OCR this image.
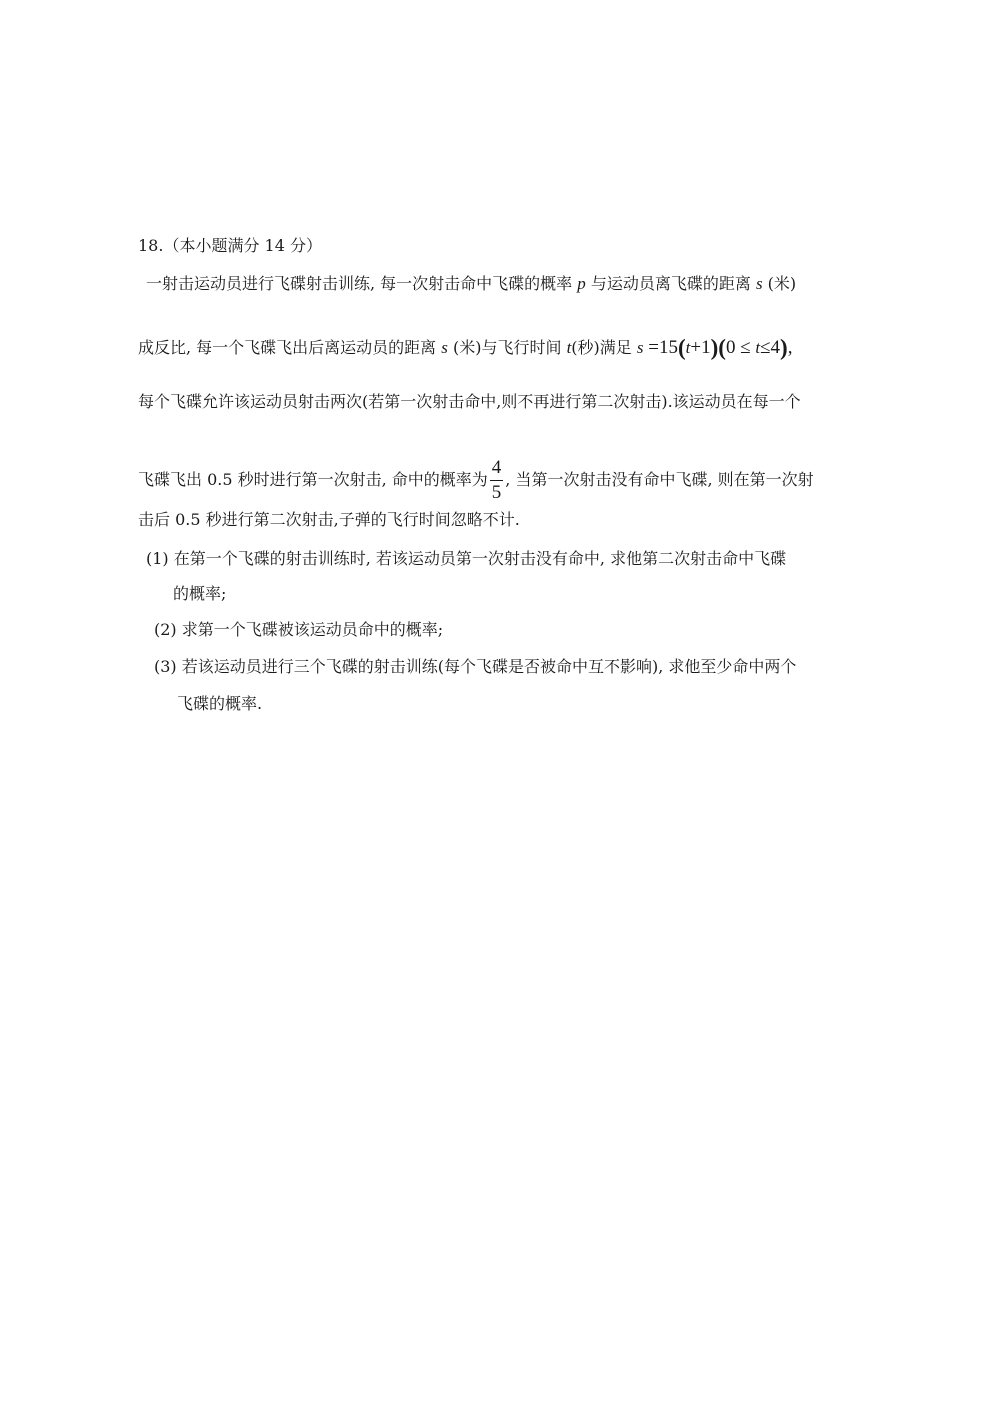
18.（本小题满分 14 分）
一射击运动员进行飞碟射击训练, 每一次射击命中飞碟的概率 p 与运动员离飞碟的距离 s (米)
成反比, 每一个飞碟飞出后离运动员的距离 s (米)与飞行时间 t(秒)满足 s =15(t+1)(0 ≤ t≤4),
每个飞碟允许该运动员射击两次(若第一次射击命中,则不再进行第二次射击).该运动员在每一个
飞碟飞出 0.5 秒时进行第一次射击, 命中的概率为 $\frac{4}{5}$ , 当第一次射击没有命中飞碟, 则在第一次射
击后 0.5 秒进行第二次射击,子弹的飞行时间忽略不计.
(1) 在第一个飞碟的射击训练时, 若该运动员第一次射击没有命中, 求他第二次射击命中飞碟
的概率;
(2) 求第一个飞碟被该运动员命中的概率;
(3) 若该运动员进行三个飞碟的射击训练(每个飞碟是否被命中互不影响), 求他至少命中两个
飞碟的概率.
